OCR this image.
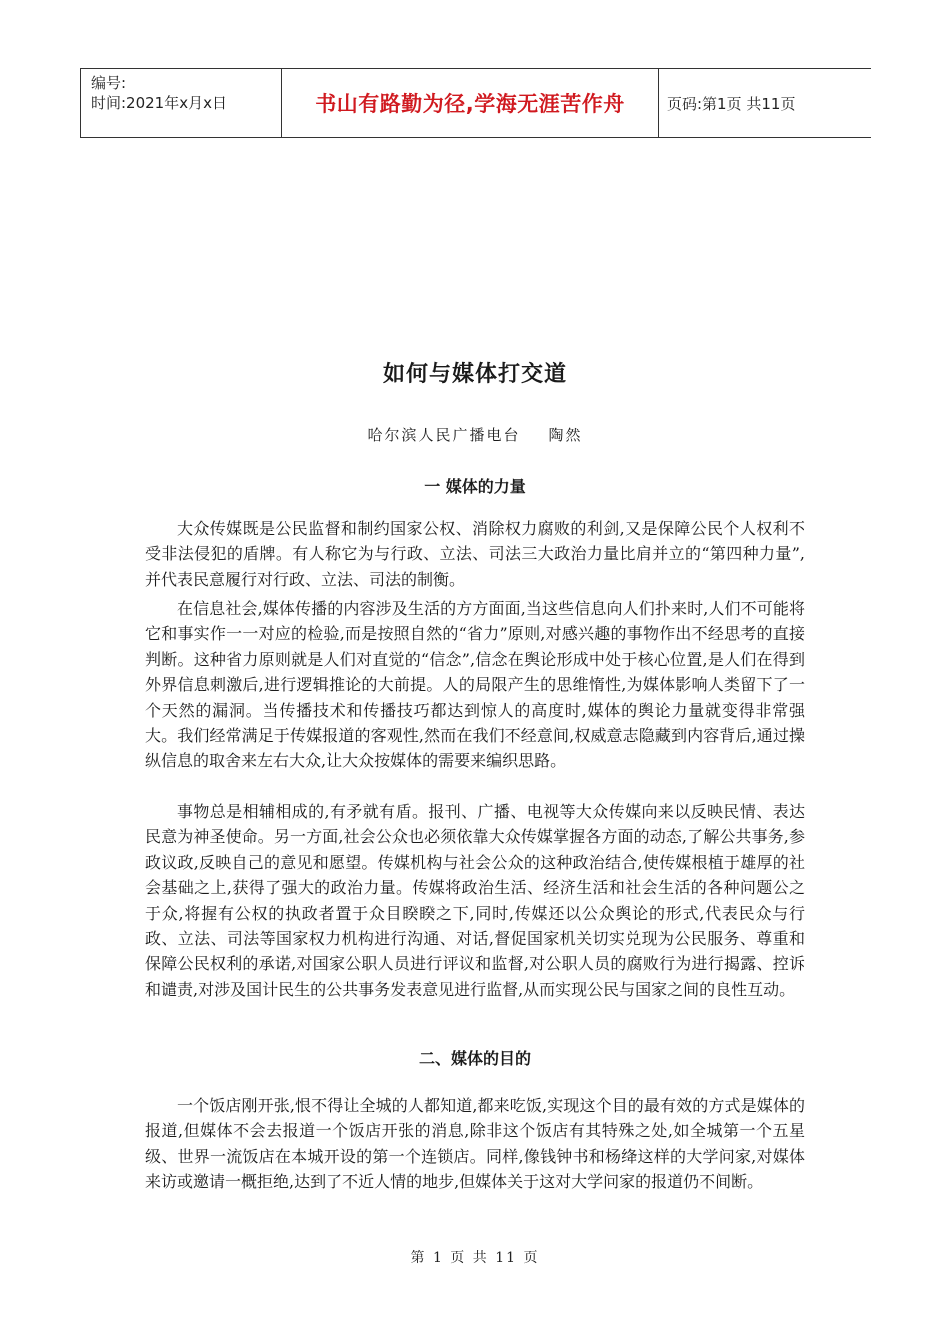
编号:
时间:2021年x月x日	书山有路勤为径,学海无涯苦作舟	页码:第1页 共11页
如何与媒体打交道
哈尔滨人民广播电台 陶然
一 媒体的力量

大众传媒既是公民监督和制约国家公权、消除权力腐败的利剑,又是保障公民个人权利不受非法侵犯的盾牌。有人称它为与行政、立法、司法三大政治力量比肩并立的“第四种力量”,并代表民意履行对行政、立法、司法的制衡。

在信息社会,媒体传播的内容涉及生活的方方面面,当这些信息向人们扑来时,人们不可能将它和事实作一一对应的检验,而是按照自然的“省力”原则,对感兴趣的事物作出不经思考的直接判断。这种省力原则就是人们对直觉的“信念”,信念在舆论形成中处于核心位置,是人们在得到外界信息刺激后,进行逻辑推论的大前提。人的局限产生的思维惰性,为媒体影响人类留下了一个天然的漏洞。当传播技术和传播技巧都达到惊人的高度时,媒体的舆论力量就变得非常强大。我们经常满足于传媒报道的客观性,然而在我们不经意间,权威意志隐藏到内容背后,通过操纵信息的取舍来左右大众,让大众按媒体的需要来编织思路。

事物总是相辅相成的,有矛就有盾。报刊、广播、电视等大众传媒向来以反映民情、表达民意为神圣使命。另一方面,社会公众也必须依靠大众传媒掌握各方面的动态,了解公共事务,参政议政,反映自己的意见和愿望。传媒机构与社会公众的这种政治结合,使传媒根植于雄厚的社会基础之上,获得了强大的政治力量。传媒将政治生活、经济生活和社会生活的各种问题公之于众,将握有公权的执政者置于众目睽睽之下,同时,传媒还以公众舆论的形式,代表民众与行政、立法、司法等国家权力机构进行沟通、对话,督促国家机关切实兑现为公民服务、尊重和保障公民权利的承诺,对国家公职人员进行评议和监督,对公职人员的腐败行为进行揭露、控诉和谴责,对涉及国计民生的公共事务发表意见进行监督,从而实现公民与国家之间的良性互动。

二、媒体的目的

一个饭店刚开张,恨不得让全城的人都知道,都来吃饭,实现这个目的最有效的方式是媒体的报道,但媒体不会去报道一个饭店开张的消息,除非这个饭店有其特殊之处,如全城第一个五星级、世界一流饭店在本城开设的第一个连锁店。同样,像钱钟书和杨绛这样的大学问家,对媒体来访或邀请一概拒绝,达到了不近人情的地步,但媒体关于这对大学问家的报道仍不间断。

第 1 页 共 11 页
